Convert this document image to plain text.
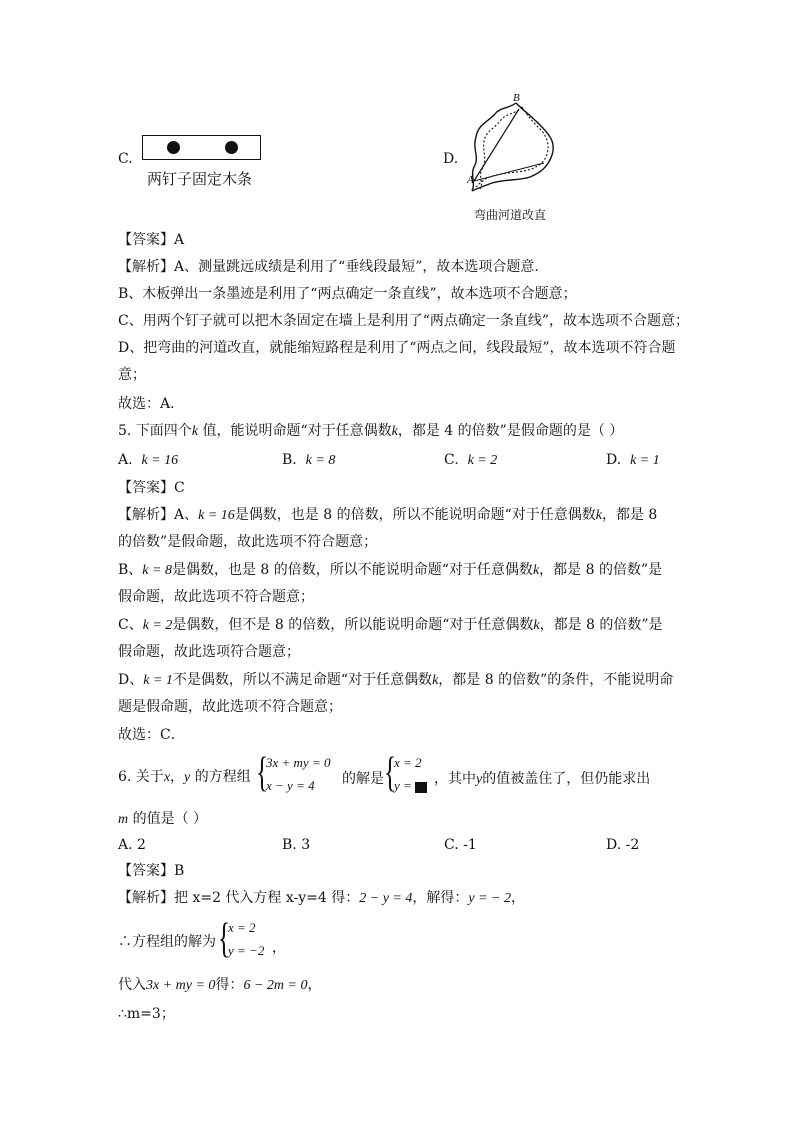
C.
两钉子固定木条
D.
B
A
弯曲河道改直
【答案】A
【解析】A、测量跳远成绩是利用了“垂线段最短”，故本选项合题意．
B、木板弹出一条墨迹是利用了“两点确定一条直线”，故本选项不合题意；
C、用两个钉子就可以把木条固定在墙上是利用了“两点确定一条直线”，故本选项不合题意；
D、把弯曲的河道改直，就能缩短路程是利用了“两点之间，线段最短”，故本选项不符合题
意；
故选：A．
5. 下面四个k 值，能说明命题“对于任意偶数k，都是 4 的倍数”是假命题的是（ ）
A. k = 16	B. k = 8	C. k = 2	D. k = 1
【答案】C
【解析】A、k = 16是偶数，也是 8 的倍数，所以不能说明命题“对于任意偶数k，都是 8
的倍数”是假命题，故此选项不符合题意；
B、k = 8是偶数，也是 8 的倍数，所以不能说明命题“对于任意偶数k，都是 8 的倍数”是
假命题，故此选项不符合题意；
C、k = 2是偶数，但不是 8 的倍数，所以能说明命题“对于任意偶数k，都是 8 的倍数”是
假命题，故此选项符合题意；
D、k = 1不是偶数，所以不满足命题“对于任意偶数k，都是 8 的倍数”的条件，不能说明命
题是假命题，故此选项不符合题意；
故选：C．
6. 关于x，y 的方程组 {
3x + my = 0
x − y = 4 的解是 {
x = 2
y =	，其中y的值被盖住了，但仍能求出
m 的值是（ ）
A. 2	B. 3	C. -1	D. -2
【答案】B
【解析】把 x=2 代入方程 x-y=4 得：2 − y = 4，解得：y = − 2，
∴方程组的解为 {
x = 2
y = −2 ，
代入3x + my = 0得：6 − 2m = 0，
∴m=3；
